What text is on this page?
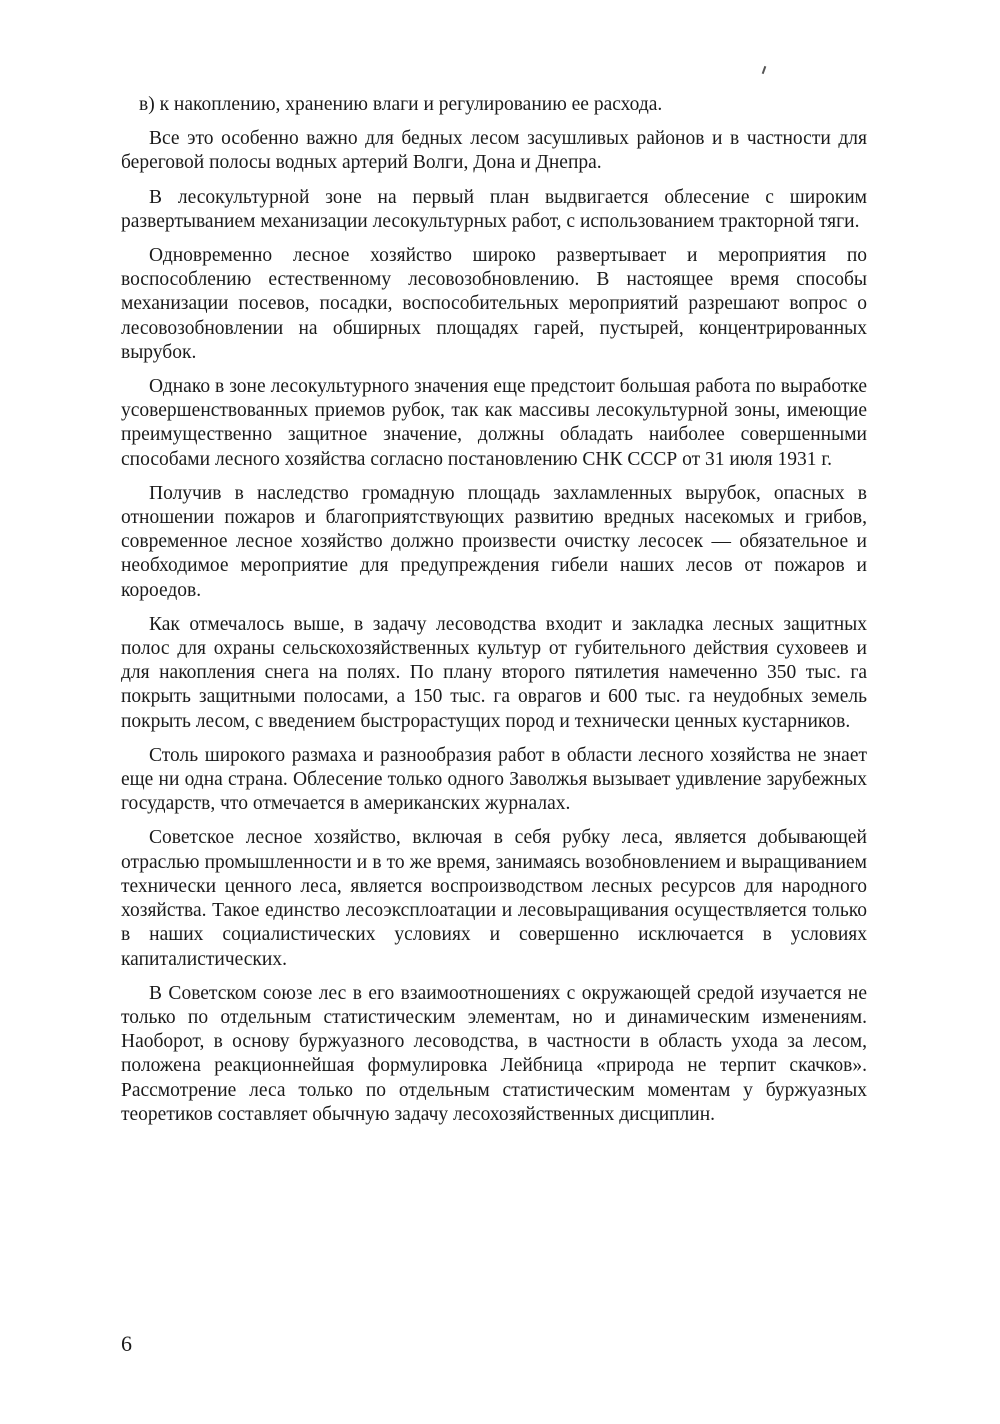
в) к накоплению, хранению влаги и регулированию ее расхода.

Все это особенно важно для бедных лесом засушливых районов и в частности для береговой полосы водных артерий Волги, Дона и Днепра.

В лесокультурной зоне на первый план выдвигается облесение с широким развертыванием механизации лесокультурных работ, с использованием тракторной тяги.

Одновременно лесное хозяйство широко развертывает и мероприятия по воспособлению естественному лесовозобновлению. В настоящее время способы механизации посевов, посадки, воспособительных мероприятий разрешают вопрос о лесовозобновлении на обширных площадях гарей, пустырей, концентрированных вырубок.

Однако в зоне лесокультурного значения еще предстоит большая работа по выработке усовершенствованных приемов рубок, так как массивы лесокультурной зоны, имеющие преимущественно защитное значение, должны обладать наиболее совершенными способами лесного хозяйства согласно постановлению СНК СССР от 31 июля 1931 г.

Получив в наследство громадную площадь захламленных вырубок, опасных в отношении пожаров и благоприятствующих развитию вредных насекомых и грибов, современное лесное хозяйство должно произвести очистку лесосек — обязательное и необходимое мероприятие для предупреждения гибели наших лесов от пожаров и короедов.

Как отмечалось выше, в задачу лесоводства входит и закладка лесных защитных полос для охраны сельскохозяйственных культур от губительного действия суховеев и для накопления снега на полях. По плану второго пятилетия намеченно 350 тыс. га покрыть защитными полосами, а 150 тыс. га оврагов и 600 тыс. га неудобных земель покрыть лесом, с введением быстрорастущих пород и технически ценных кустарников.

Столь широкого размаха и разнообразия работ в области лесного хозяйства не знает еще ни одна страна. Облесение только одного Заволжья вызывает удивление зарубежных государств, что отмечается в американских журналах.

Советское лесное хозяйство, включая в себя рубку леса, является добывающей отраслью промышленности и в то же время, занимаясь возобновлением и выращиванием технически ценного леса, является воспроизводством лесных ресурсов для народного хозяйства. Такое единство лесоэксплоатации и лесовыращивания осуществляется только в наших социалистических условиях и совершенно исключается в условиях капиталистических.

В Советском союзе лес в его взаимоотношениях с окружающей средой изучается не только по отдельным статистическим элементам, но и динамическим изменениям. Наоборот, в основу буржуазного лесоводства, в частности в область ухода за лесом, положена реакционнейшая формулировка Лейбница «природа не терпит скачков». Рассмотрение леса только по отдельным статистическим моментам у буржуазных теоретиков составляет обычную задачу лесохозяйственных дисциплин.

6
